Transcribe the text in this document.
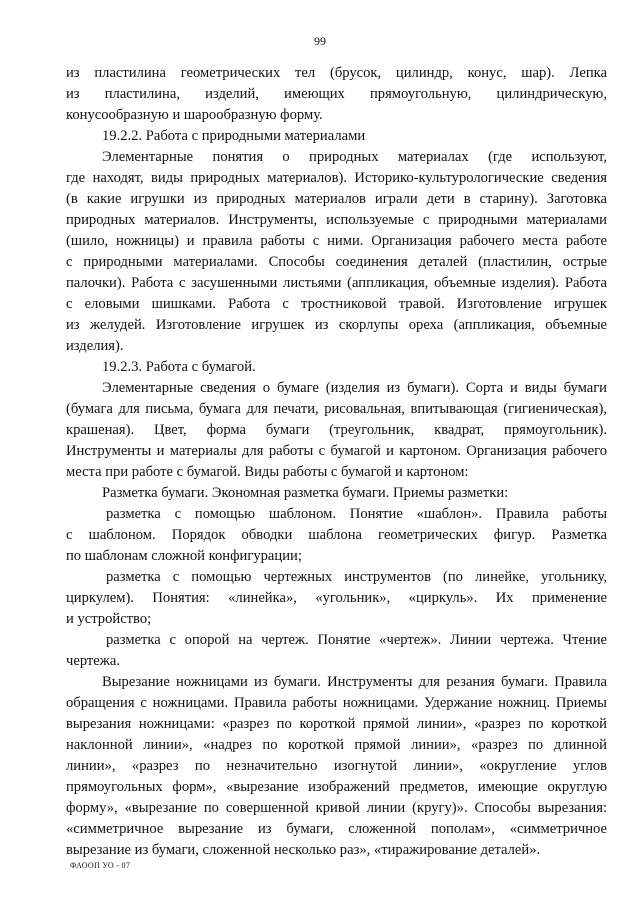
99
из пластилина геометрических тел (брусок, цилиндр, конус, шар). Лепка
из пластилина, изделий, имеющих прямоугольную, цилиндрическую,
конусообразную и шарообразную форму.
19.2.2. Работа с природными материалами
Элементарные понятия о природных материалах (где используют,
где находят, виды природных материалов). Историко-культурологические сведения
(в какие игрушки из природных материалов играли дети в старину). Заготовка
природных материалов. Инструменты, используемые с природными материалами
(шило, ножницы) и правила работы с ними. Организация рабочего места работе
с природными материалами. Способы соединения деталей (пластилин, острые
палочки). Работа с засушенными листьями (аппликация, объемные изделия). Работа
с еловыми шишками. Работа с тростниковой травой. Изготовление игрушек
из желудей. Изготовление игрушек из скорлупы ореха (аппликация, объемные
изделия).
19.2.3. Работа с бумагой.
Элементарные сведения о бумаге (изделия из бумаги). Сорта и виды бумаги
(бумага для письма, бумага для печати, рисовальная, впитывающая (гигиеническая),
крашеная). Цвет, форма бумаги (треугольник, квадрат, прямоугольник).
Инструменты и материалы для работы с бумагой и картоном. Организация рабочего
места при работе с бумагой. Виды работы с бумагой и картоном:
Разметка бумаги. Экономная разметка бумаги. Приемы разметки:
разметка с помощью шаблоном. Понятие «шаблон». Правила работы
с шаблоном. Порядок обводки шаблона геометрических фигур. Разметка
по шаблонам сложной конфигурации;
разметка с помощью чертежных инструментов (по линейке, угольнику,
циркулем). Понятия: «линейка», «угольник», «циркуль». Их применение
и устройство;
разметка с опорой на чертеж. Понятие «чертеж». Линии чертежа. Чтение
чертежа.
Вырезание ножницами из бумаги. Инструменты для резания бумаги. Правила
обращения с ножницами. Правила работы ножницами. Удержание ножниц. Приемы
вырезания ножницами: «разрез по короткой прямой линии», «разрез по короткой
наклонной линии», «надрез по короткой прямой линии», «разрез по длинной
линии», «разрез по незначительно изогнутой линии», «округление углов
прямоугольных форм», «вырезание изображений предметов, имеющие округлую
форму», «вырезание по совершенной кривой линии (кругу)». Способы вырезания:
«симметричное вырезание из бумаги, сложенной пополам», «симметричное
вырезание из бумаги, сложенной несколько раз», «тиражирование деталей».
ФАООП УО - 07
